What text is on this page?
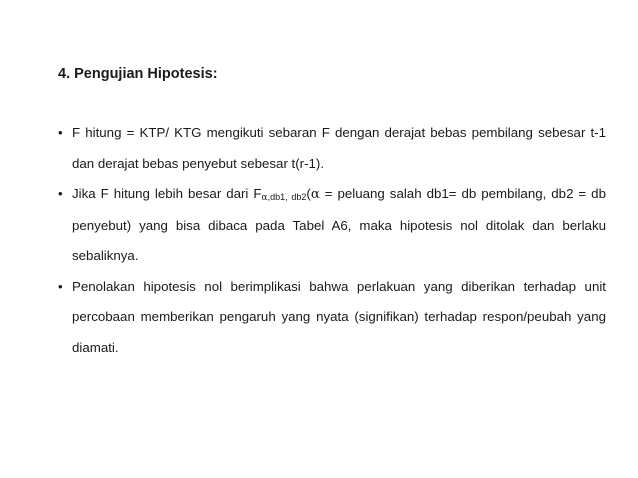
4. Pengujian Hipotesis:
• F hitung = KTP/ KTG mengikuti sebaran F dengan derajat bebas pembilang sebesar t-1 dan derajat bebas penyebut sebesar t(r-1).
• Jika F hitung lebih besar dari $F_{\alpha,db1, db2}(\alpha$ = peluang salah db1= db pembilang, db2 = db penyebut) yang bisa dibaca pada Tabel A6, maka hipotesis nol ditolak dan berlaku sebaliknya.
• Penolakan hipotesis nol berimplikasi bahwa perlakuan yang diberikan terhadap unit percobaan memberikan pengaruh yang nyata (signifikan) terhadap respon/peubah yang diamati.
